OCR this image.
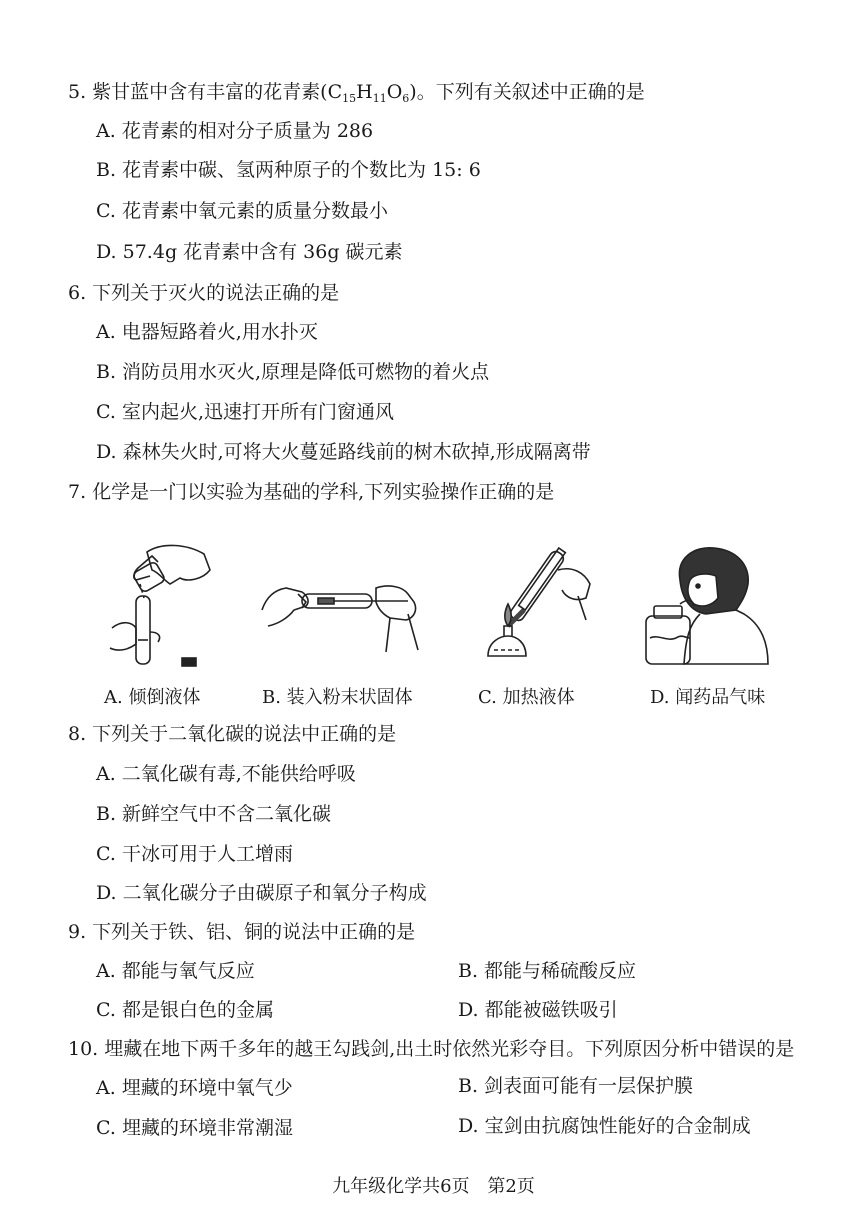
5. 紫甘蓝中含有丰富的花青素$(C_{15}H_{11}O_6)$。下列有关叙述中正确的是
A. 花青素的相对分子质量为 286
B. 花青素中碳、氢两种原子的个数比为 15: 6
C. 花青素中氧元素的质量分数最小
D. 57.4g 花青素中含有 36g 碳元素
6. 下列关于灭火的说法正确的是
A. 电器短路着火,用水扑灭
B. 消防员用水灭火,原理是降低可燃物的着火点
C. 室内起火,迅速打开所有门窗通风
D. 森林失火时,可将大火蔓延路线前的树木砍掉,形成隔离带
7. 化学是一门以实验为基础的学科,下列实验操作正确的是
A. 倾倒液体	B. 装入粉末状固体	C. 加热液体	D. 闻药品气味
8. 下列关于二氧化碳的说法中正确的是
A. 二氧化碳有毒,不能供给呼吸
B. 新鲜空气中不含二氧化碳
C. 干冰可用于人工增雨
D. 二氧化碳分子由碳原子和氧分子构成
9. 下列关于铁、铝、铜的说法中正确的是
A. 都能与氧气反应	B. 都能与稀硫酸反应
C. 都是银白色的金属	D. 都能被磁铁吸引
10. 埋藏在地下两千多年的越王勾践剑,出土时依然光彩夺目。下列原因分析中错误的是
A. 埋藏的环境中氧气少	B. 剑表面可能有一层保护膜
C. 埋藏的环境非常潮湿	D. 宝剑由抗腐蚀性能好的合金制成
九年级化学共6页 第2页
